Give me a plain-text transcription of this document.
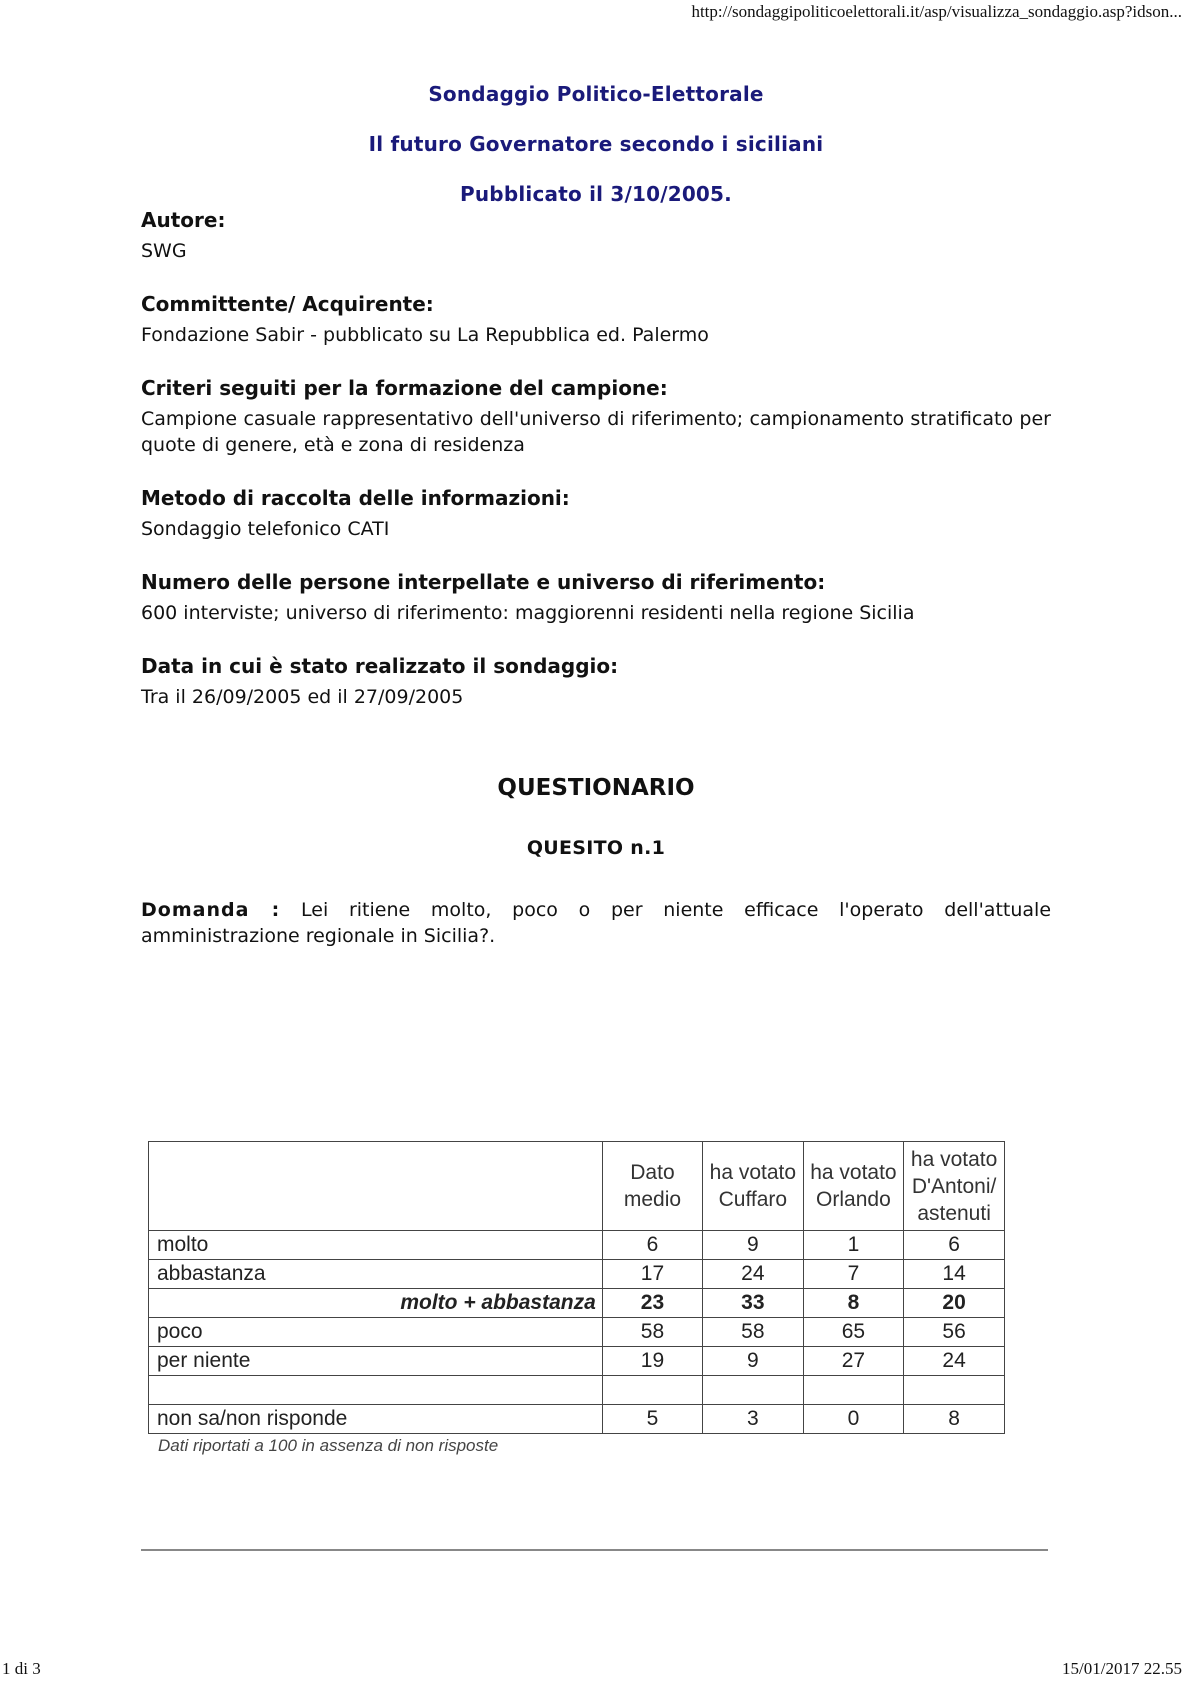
http://sondaggipoliticoelettorali.it/asp/visualizza_sondaggio.asp?idson...

Sondaggio Politico-Elettorale

Il futuro Governatore secondo i siciliani

Pubblicato il 3/10/2005.

Autore:

SWG

Committente/ Acquirente:

Fondazione Sabir - pubblicato su La Repubblica ed. Palermo

Criteri seguiti per la formazione del campione:

Campione casuale rappresentativo dell'universo di riferimento; campionamento stratificato per quote di genere, età e zona di residenza

Metodo di raccolta delle informazioni:

Sondaggio telefonico CATI

Numero delle persone interpellate e universo di riferimento:

600 interviste; universo di riferimento: maggiorenni residenti nella regione Sicilia

Data in cui è stato realizzato il sondaggio:

Tra il 26/09/2005 ed il 27/09/2005

QUESTIONARIO

QUESITO n.1

Domanda : Lei ritiene molto, poco o per niente efficace l'operato dell'attuale amministrazione regionale in Sicilia?.

	Dato medio	ha votato Cuffaro	ha votato Orlando	ha votato D'Antoni/ astenuti
molto	6	9	1	6
abbastanza	17	24	7	14
molto + abbastanza	23	33	8	20
poco	58	58	65	56
per niente	19	9	27	24

non sa/non risponde	5	3	0	8

Dati riportati a 100 in assenza di non risposte

1 di 3	15/01/2017 22.55
